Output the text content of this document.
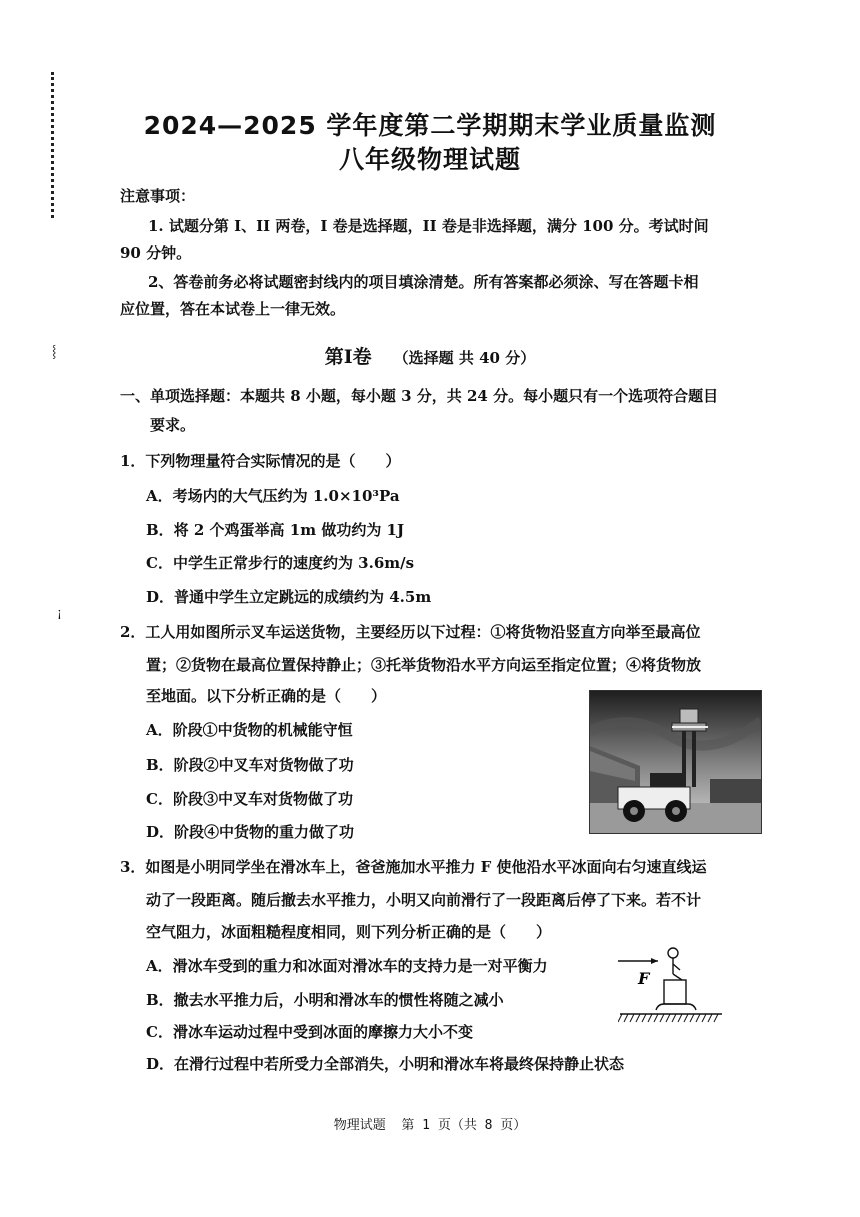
⸾
¡
2024—2025 学年度第二学期期末学业质量监测
八年级物理试题
注意事项：
1. 试题分第 I、II 两卷，I 卷是选择题，II 卷是非选择题，满分 100 分。考试时间
90 分钟。
2、答卷前务必将试题密封线内的项目填涂清楚。所有答案都必须涂、写在答题卡相
应位置，答在本试卷上一律无效。
第Ⅰ卷 （选择题 共 40 分）
一、单项选择题：本题共 8 小题，每小题 3 分，共 24 分。每小题只有一个选项符合题目
要求。
1．下列物理量符合实际情况的是（　　）
A．考场内的大气压约为 1.0×10³Pa
B．将 2 个鸡蛋举高 1m 做功约为 1J
C．中学生正常步行的速度约为 3.6m/s
D．普通中学生立定跳远的成绩约为 4.5m
2．工人用如图所示叉车运送货物，主要经历以下过程：①将货物沿竖直方向举至最高位
置；②货物在最高位置保持静止；③托举货物沿水平方向运至指定位置；④将货物放
至地面。以下分析正确的是（　　）
A．阶段①中货物的机械能守恒
B．阶段②中叉车对货物做了功
C．阶段③中叉车对货物做了功
D．阶段④中货物的重力做了功
3．如图是小明同学坐在滑冰车上，爸爸施加水平推力 F 使他沿水平冰面向右匀速直线运
动了一段距离。随后撤去水平推力，小明又向前滑行了一段距离后停了下来。若不计
空气阻力，冰面粗糙程度相同，则下列分析正确的是（　　）
A．滑冰车受到的重力和冰面对滑冰车的支持力是一对平衡力
B．撤去水平推力后，小明和滑冰车的惯性将随之减小
C．滑冰车运动过程中受到冰面的摩擦力大小不变
D．在滑行过程中若所受力全部消失，小明和滑冰车将最终保持静止状态
F
物理试题  第 1 页（共 8 页）
